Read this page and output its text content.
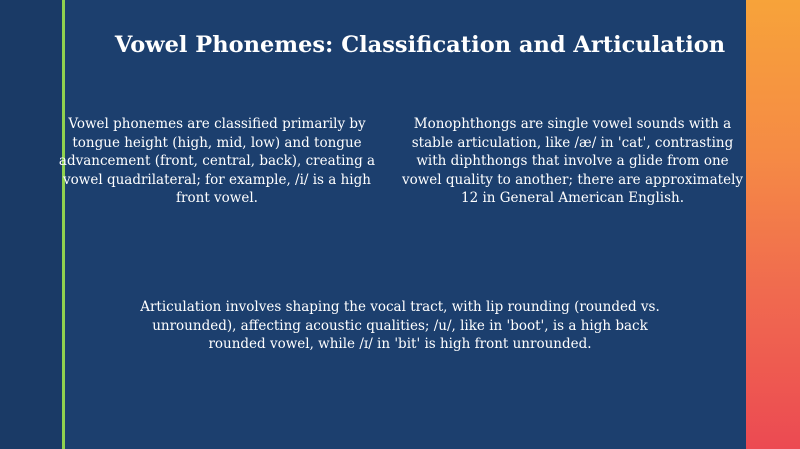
Vowel Phonemes: Classification and Articulation

Vowel phonemes are classified primarily by tongue height (high, mid, low) and tongue advancement (front, central, back), creating a vowel quadrilateral; for example, /i/ is a high front vowel.

Monophthongs are single vowel sounds with a stable articulation, like /æ/ in 'cat', contrasting with diphthongs that involve a glide from one vowel quality to another; there are approximately 12 in General American English.

Articulation involves shaping the vocal tract, with lip rounding (rounded vs. unrounded), affecting acoustic qualities; /u/, like in 'boot', is a high back rounded vowel, while /ɪ/ in 'bit' is high front unrounded.
